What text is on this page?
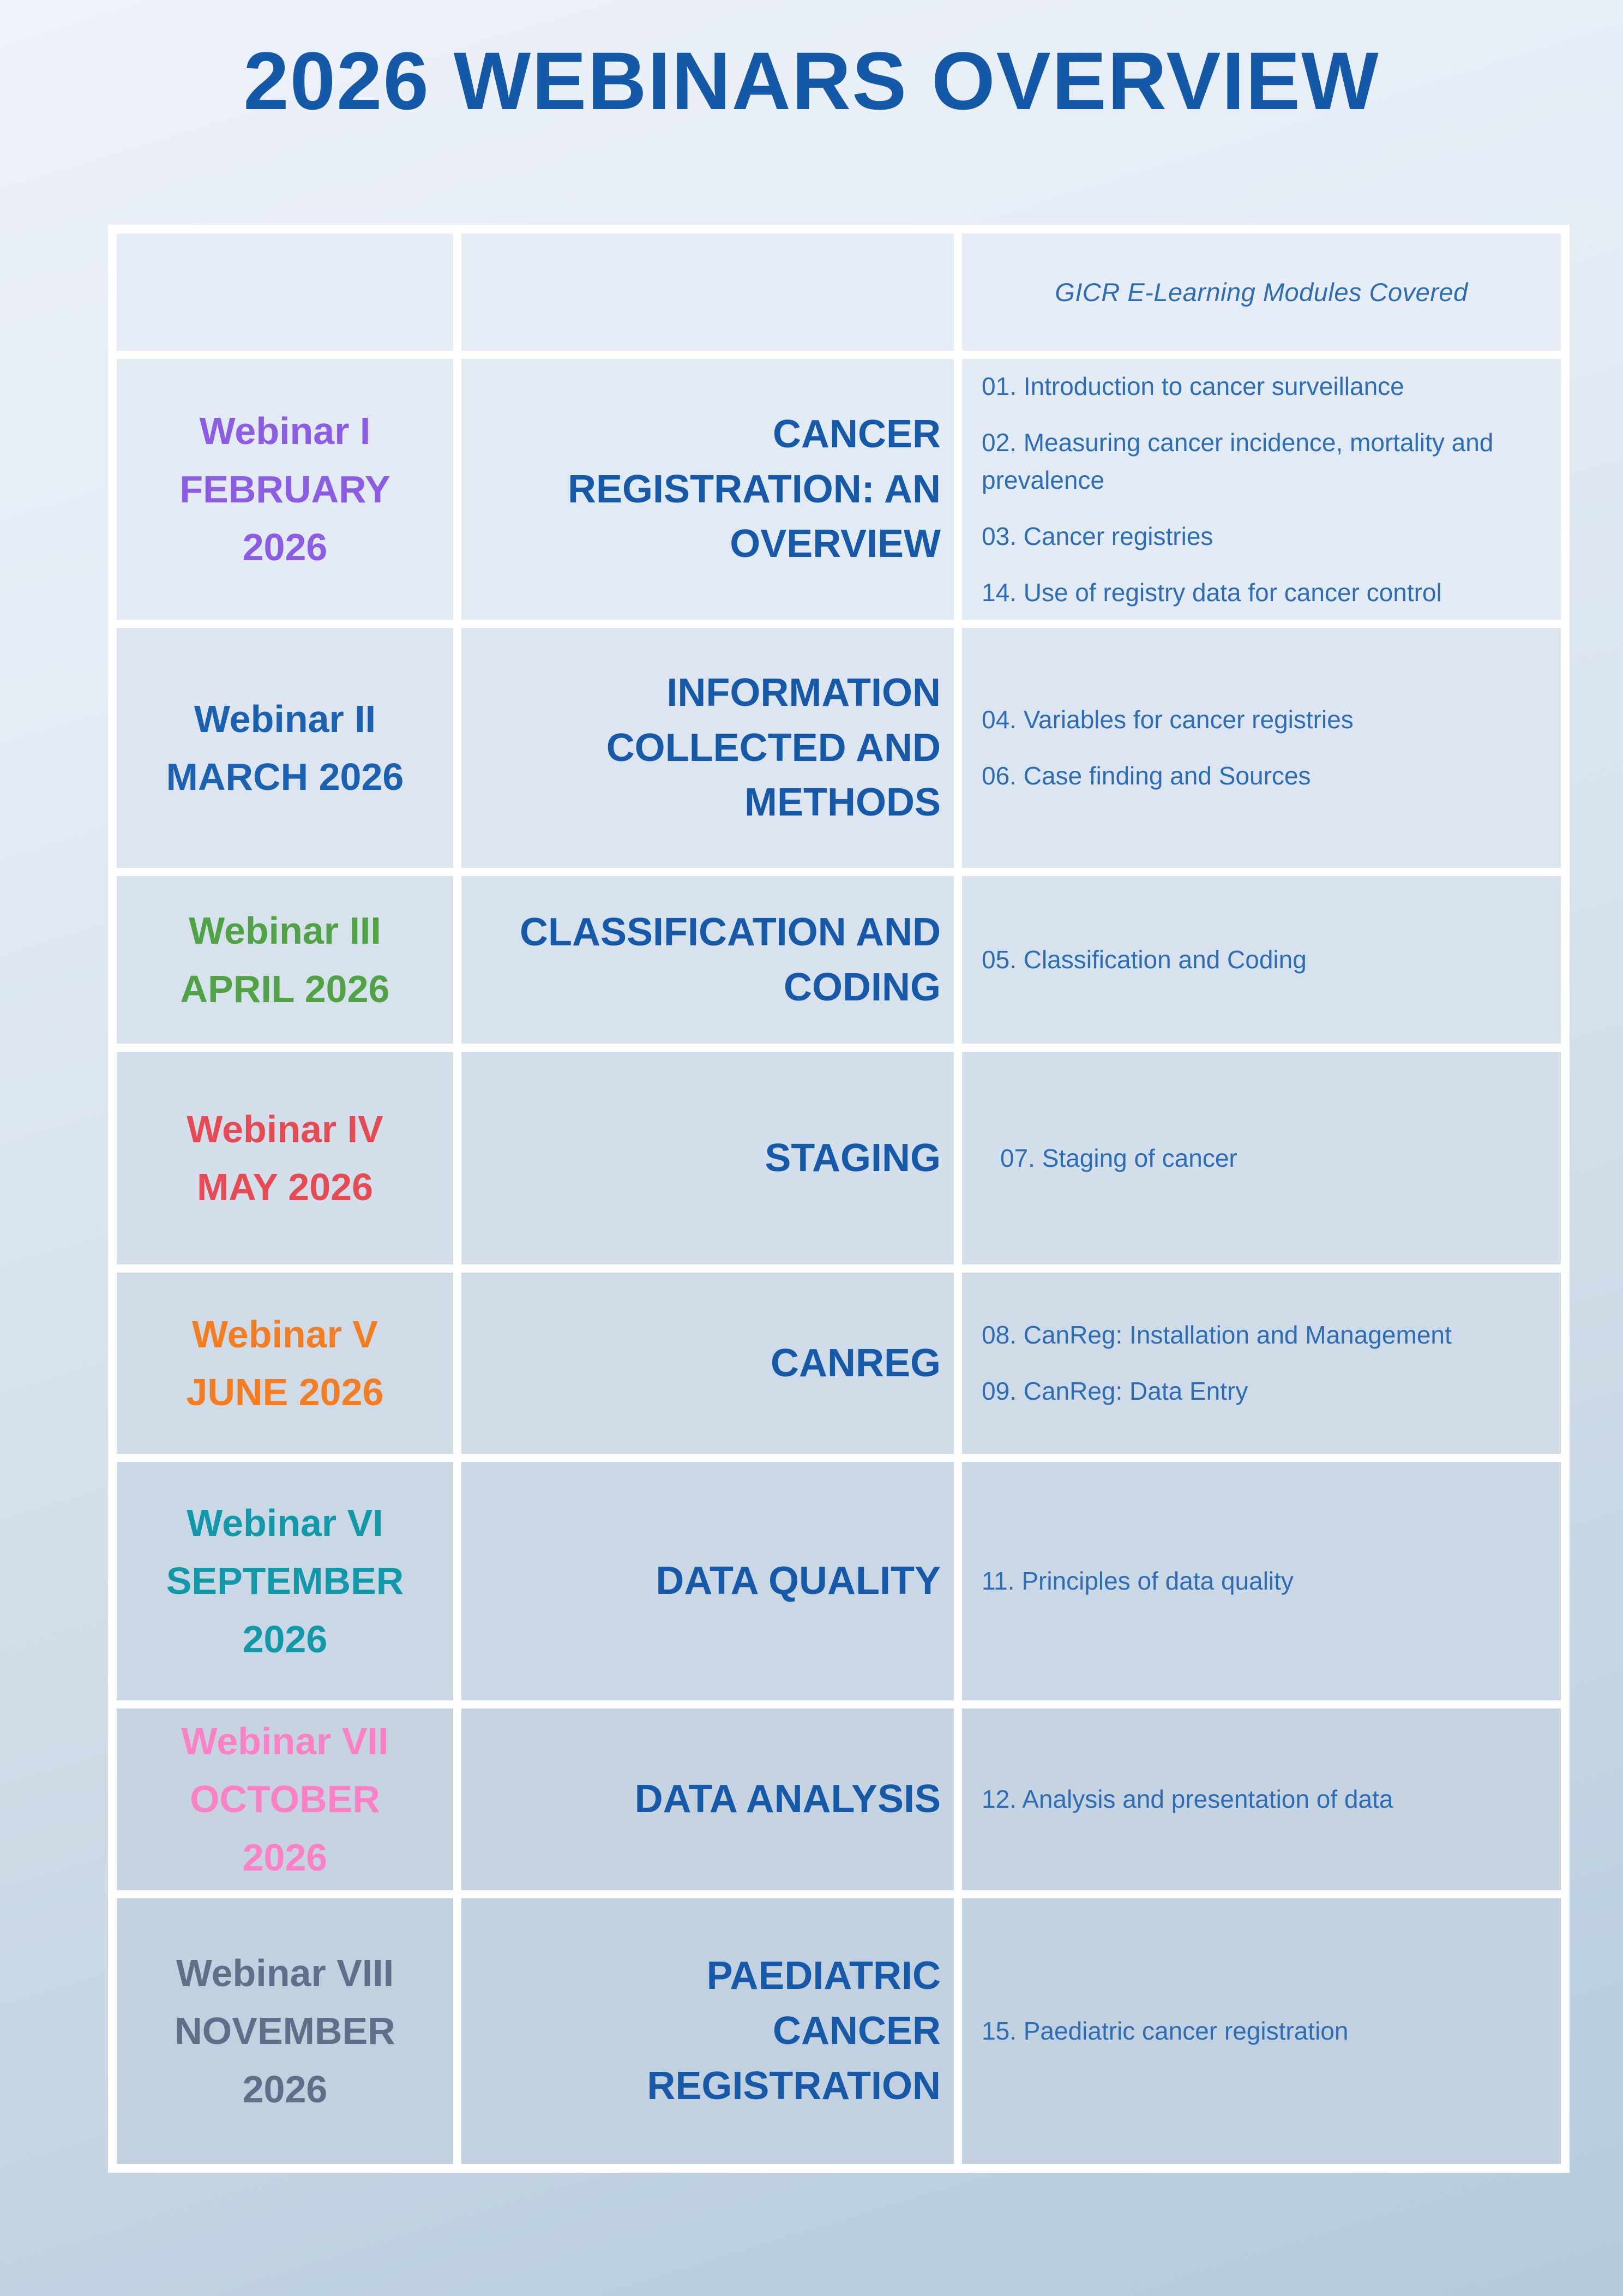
2026 WEBINARS OVERVIEW
GICR E-Learning Modules Covered
Webinar I
FEBRUARY
2026
CANCER REGISTRATION: AN OVERVIEW

01. Introduction to cancer surveillance

02. Measuring cancer incidence, mortality and prevalence

03. Cancer registries

14. Use of registry data for cancer control

Webinar II
MARCH 2026
INFORMATION COLLECTED AND METHODS

04. Variables for cancer registries

06. Case finding and Sources

Webinar III
APRIL 2026
CLASSIFICATION AND CODING

05. Classification and Coding

Webinar IV
MAY 2026
STAGING	07. Staging of cancer

Webinar V
JUNE 2026
CANREG

08. CanReg: Installation and Management

09. CanReg: Data Entry

Webinar VI
SEPTEMBER
2026
DATA QUALITY 11. Principles of data quality

Webinar VII
OCTOBER
2026
DATA ANALYSIS 12. Analysis and presentation of data

Webinar VIII
NOVEMBER
2026
PAEDIATRIC CANCER REGISTRATION

15. Paediatric cancer registration
